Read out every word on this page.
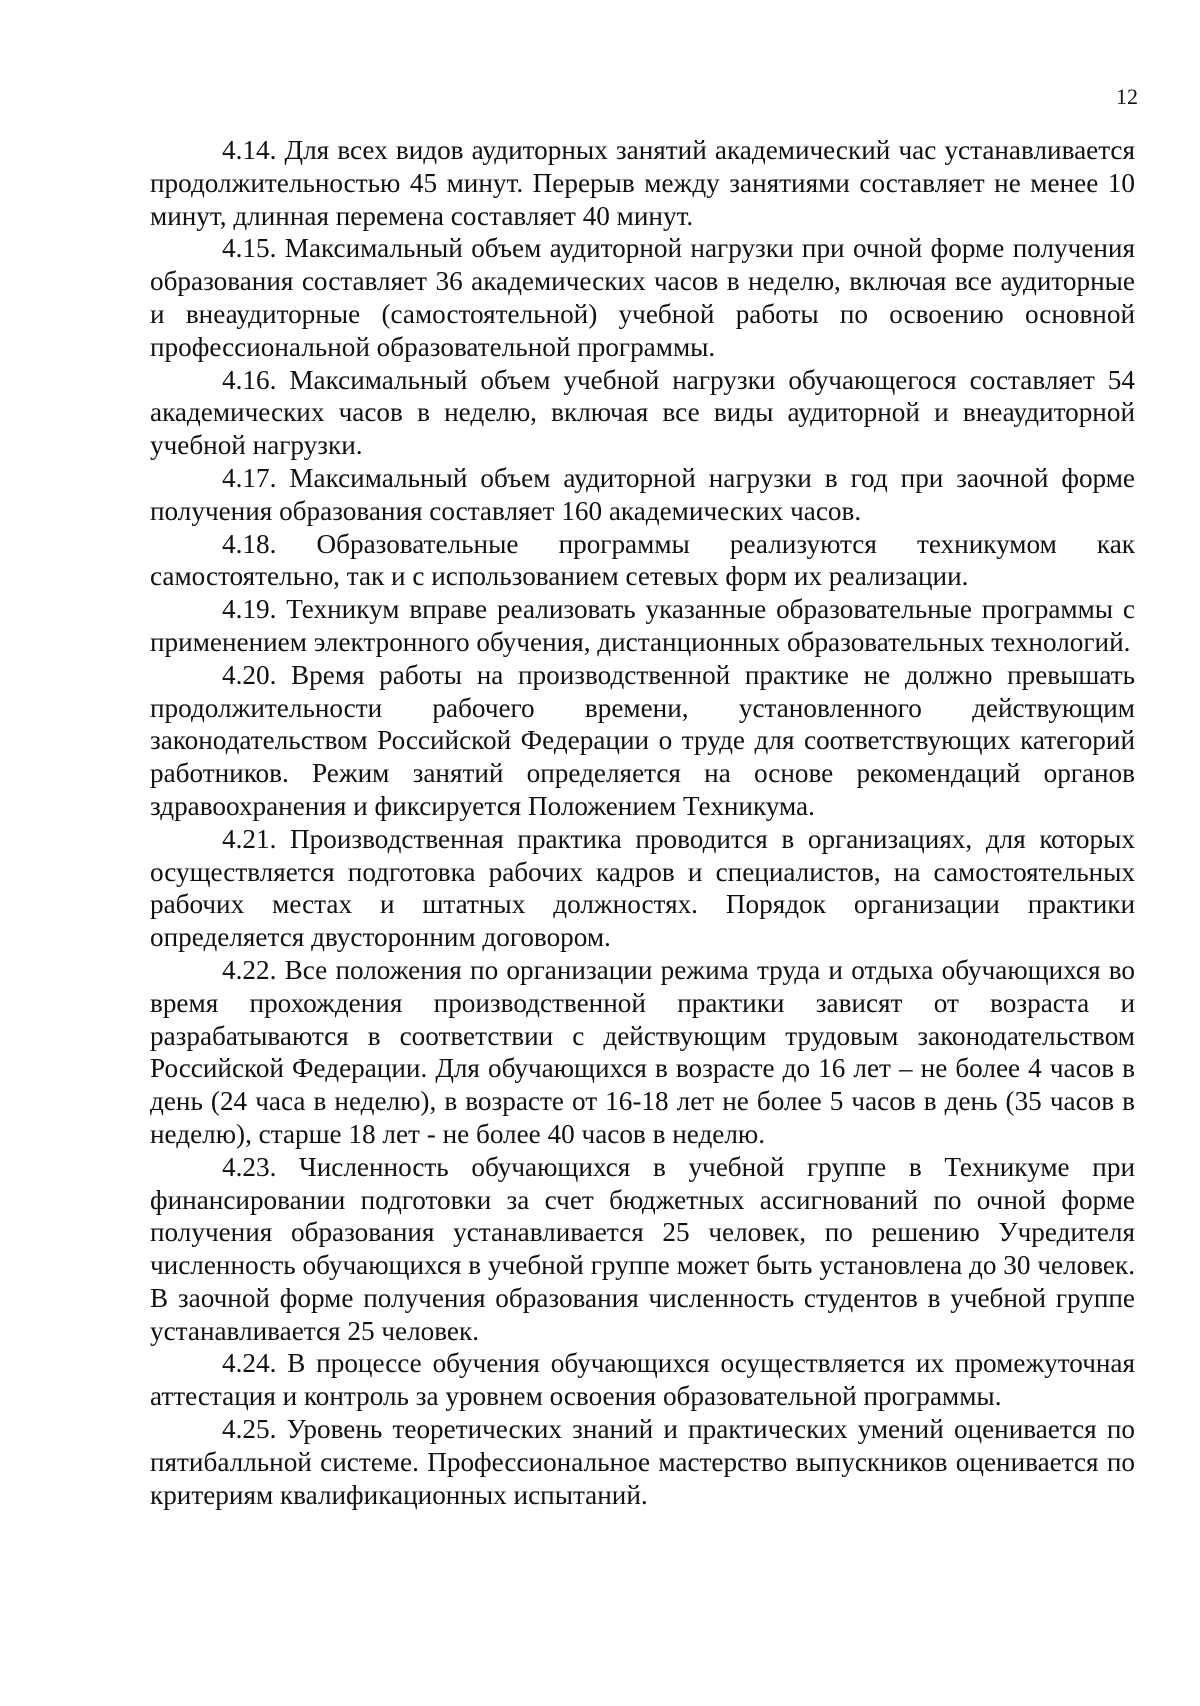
12

4.14. Для всех видов аудиторных занятий академический час устанавливается продолжительностью 45 минут. Перерыв между занятиями составляет не менее 10 минут, длинная перемена составляет 40 минут.

4.15. Максимальный объем аудиторной нагрузки при очной форме получения образования составляет 36 академических часов в неделю, включая все аудиторные и внеаудиторные (самостоятельной) учебной работы по освоению основной профессиональной образовательной программы.

4.16. Максимальный объем учебной нагрузки обучающегося составляет 54 академических часов в неделю, включая все виды аудиторной и внеаудиторной учебной нагрузки.

4.17. Максимальный объем аудиторной нагрузки в год при заочной форме получения образования составляет 160 академических часов.

4.18. Образовательные программы реализуются техникумом как самостоятельно, так и с использованием сетевых форм их реализации.

4.19. Техникум вправе реализовать указанные образовательные программы с применением электронного обучения, дистанционных образовательных технологий.

4.20. Время работы на производственной практике не должно превышать продолжительности рабочего времени, установленного действующим законодательством Российской Федерации о труде для соответствующих категорий работников. Режим занятий определяется на основе рекомендаций органов здравоохранения и фиксируется Положением Техникума.

4.21. Производственная практика проводится в организациях, для которых осуществляется подготовка рабочих кадров и специалистов, на самостоятельных рабочих местах и штатных должностях. Порядок организации практики определяется двусторонним договором.

4.22. Все положения по организации режима труда и отдыха обучающихся во время прохождения производственной практики зависят от возраста и разрабатываются в соответствии с действующим трудовым законодательством Российской Федерации. Для обучающихся в возрасте до 16 лет – не более 4 часов в день (24 часа в неделю), в возрасте от 16-18 лет не более 5 часов в день (35 часов в неделю), старше 18 лет - не более 40 часов в неделю.

4.23. Численность обучающихся в учебной группе в Техникуме при финансировании подготовки за счет бюджетных ассигнований по очной форме получения образования устанавливается 25 человек, по решению Учредителя численность обучающихся в учебной группе может быть установлена до 30 человек. В заочной форме получения образования численность студентов в учебной группе устанавливается 25 человек.

4.24. В процессе обучения обучающихся осуществляется их промежуточная аттестация и контроль за уровнем освоения образовательной программы.

4.25. Уровень теоретических знаний и практических умений оценивается по пятибалльной системе. Профессиональное мастерство выпускников оценивается по критериям квалификационных испытаний.
